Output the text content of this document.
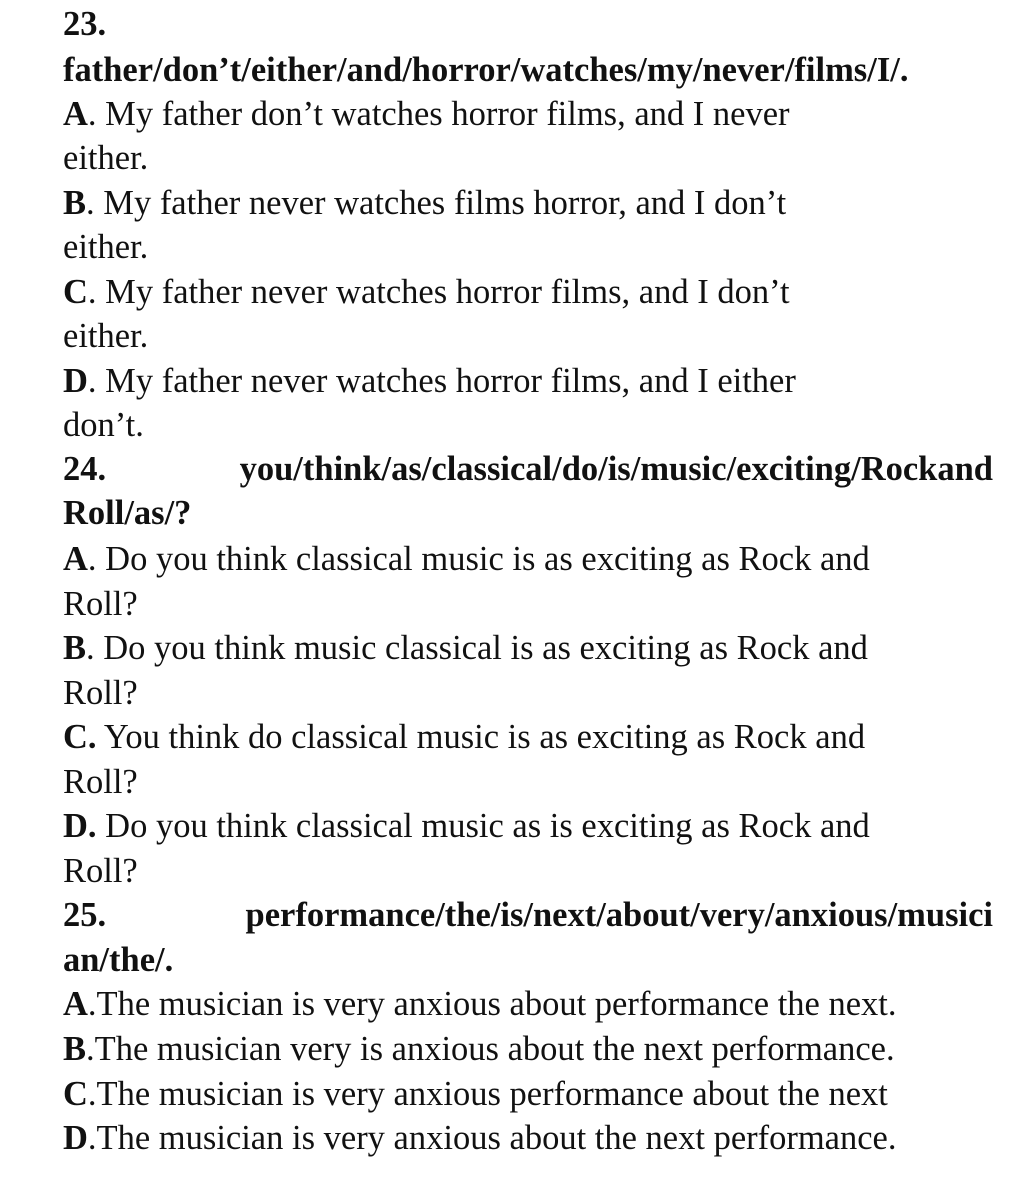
23.
father/don’t/either/and/horror/watches/my/never/films/I/.
A. My father don’t watches horror films, and I never
either.
B. My father never watches films horror, and I don’t
either.
C. My father never watches horror films, and I don’t
either.
D. My father never watches horror films, and I either
don’t.
24.	you/think/as/classical/do/is/music/exciting/Rockand
Roll/as/?
A. Do you think classical music is as exciting as Rock and
Roll?
B. Do you think music classical is as exciting as Rock and
Roll?
C. You think do classical music is as exciting as Rock and
Roll?
D. Do you think classical music as is exciting as Rock and
Roll?
25.	performance/the/is/next/about/very/anxious/musici
an/the/.
A.The musician is very anxious about performance the next.
B.The musician very is anxious about the next performance.
C.The musician is very anxious performance about the next
D.The musician is very anxious about the next performance.
